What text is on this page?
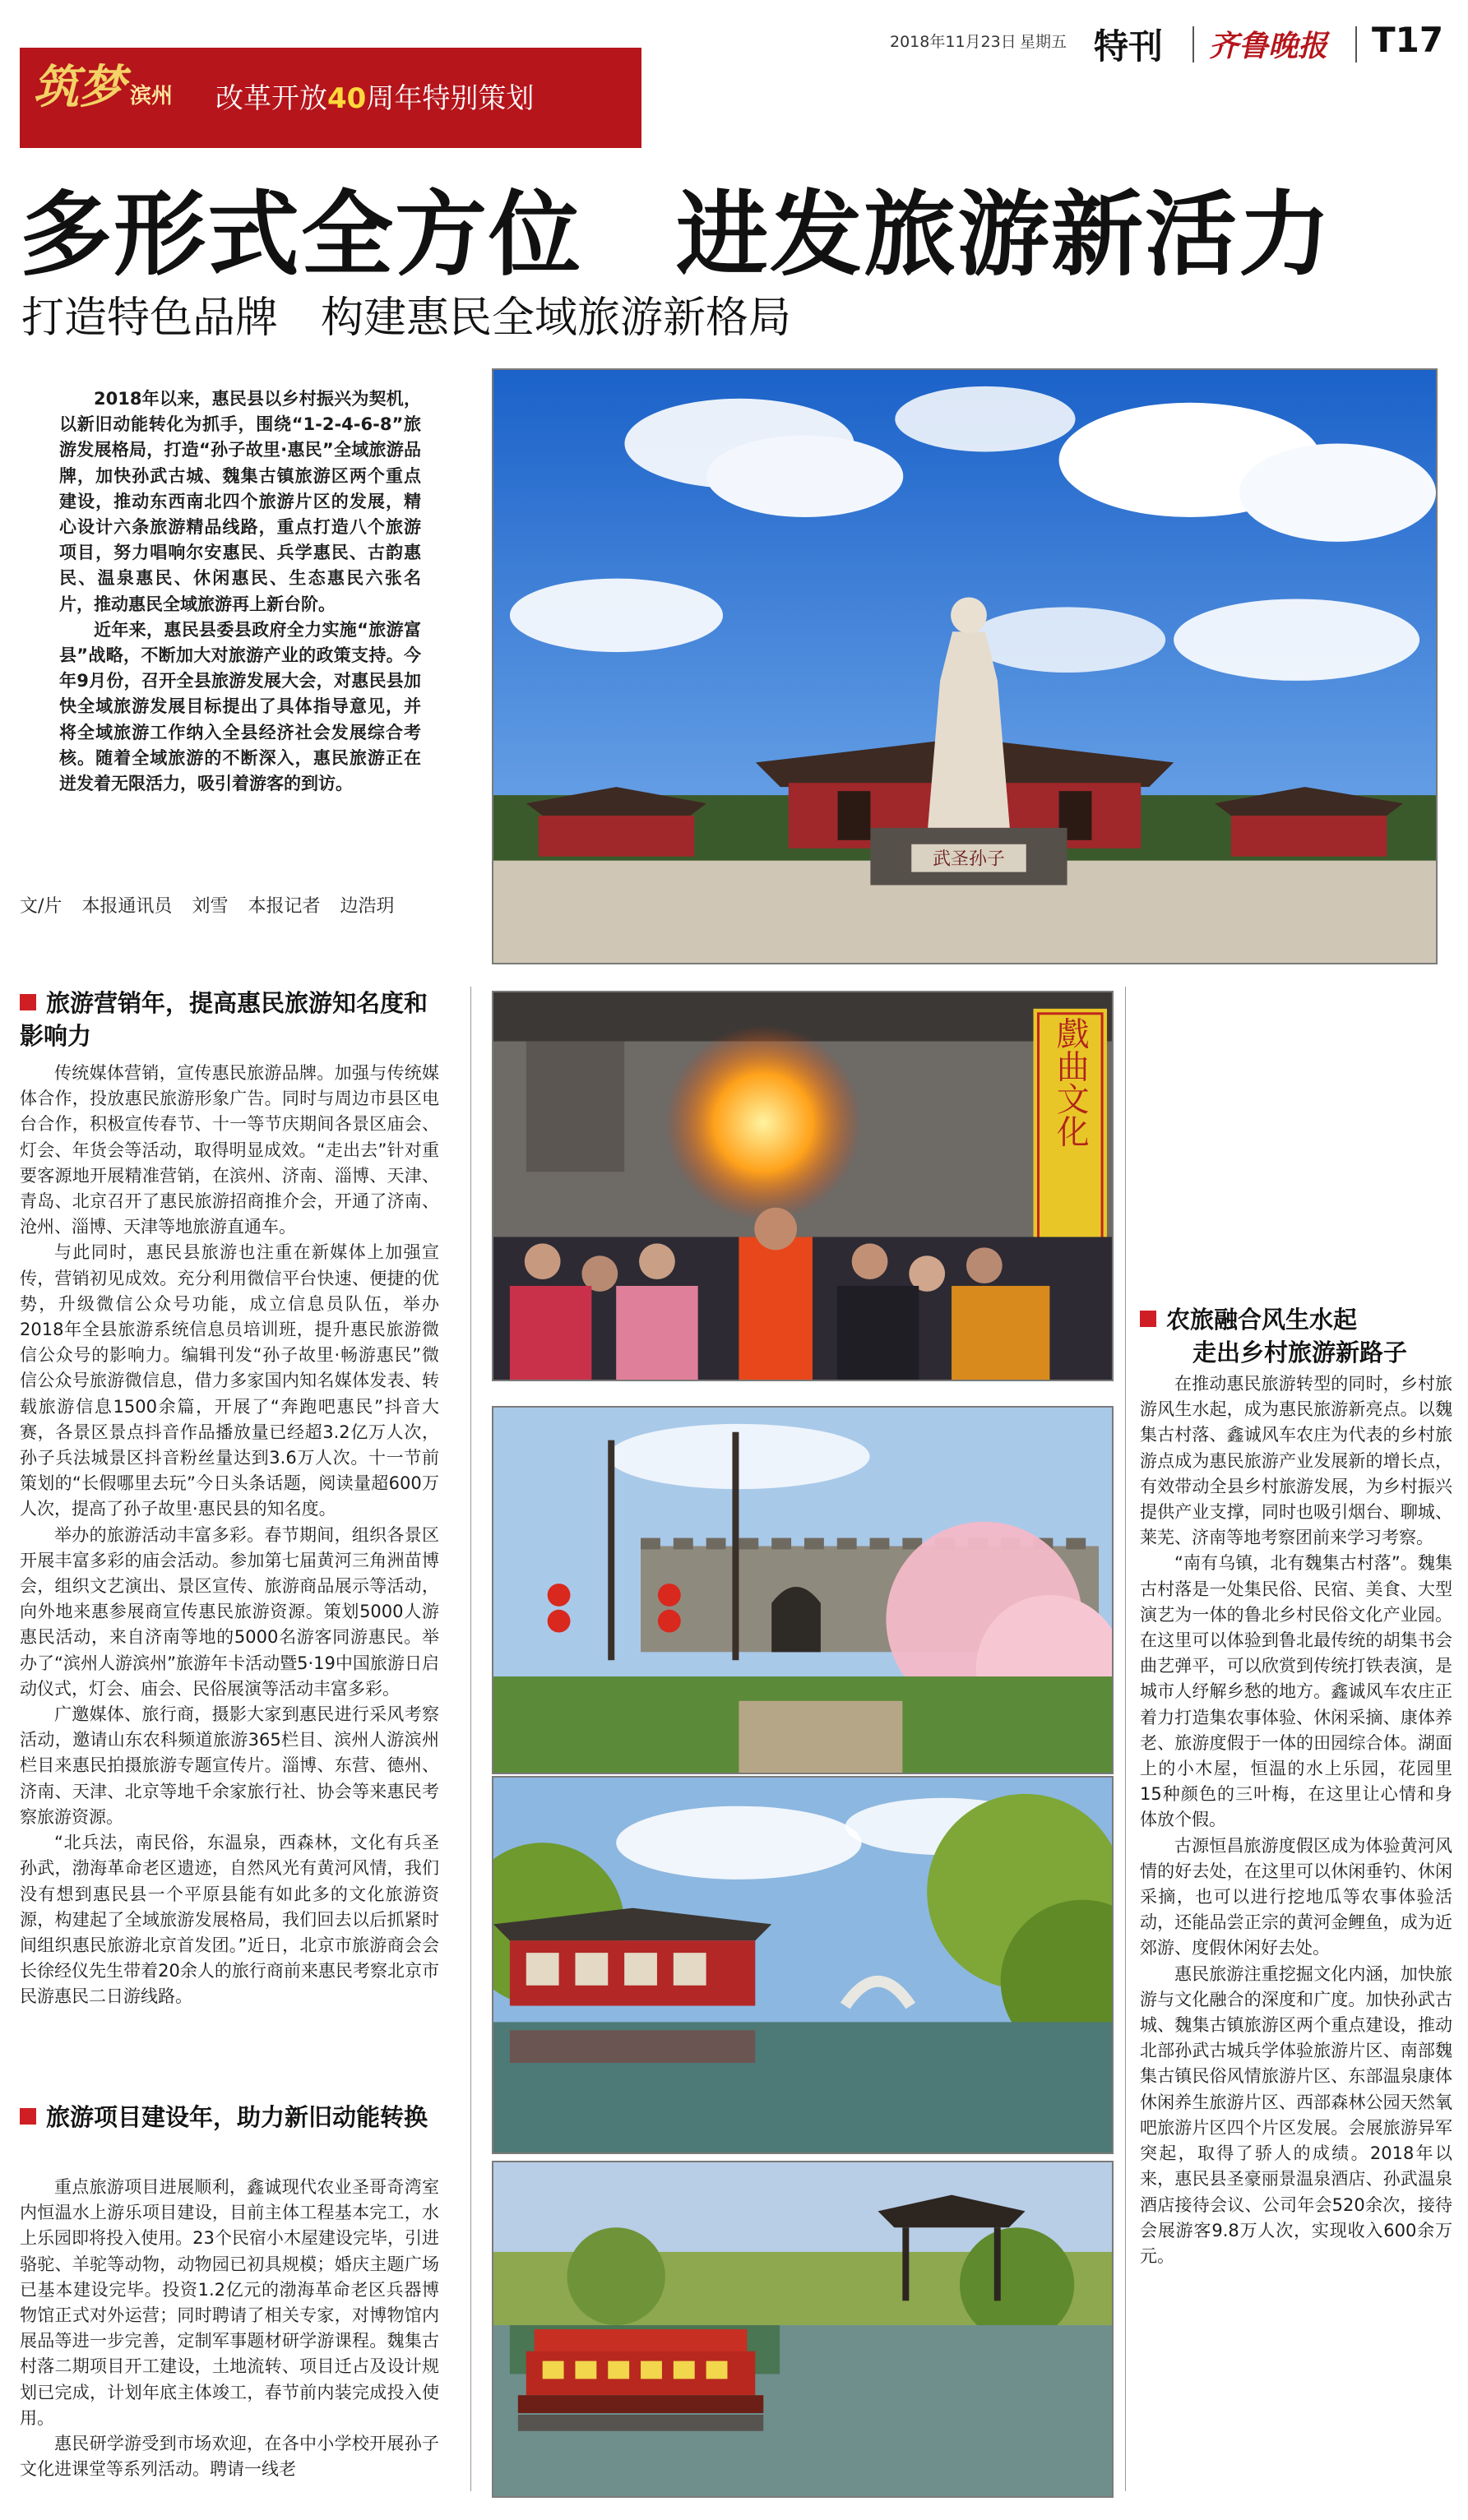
筑梦 滨州 改革开放40周年特别策划
2018年11月23日 星期五 特刊 齐鲁晚报 T17
多形式全方位　进发旅游新活力
打造特色品牌　构建惠民全域旅游新格局

2018年以来，惠民县以乡村振兴为契机，以新旧动能转化为抓手，围绕“1-2-4-6-8”旅游发展格局，打造“孙子故里·惠民”全域旅游品牌，加快孙武古城、魏集古镇旅游区两个重点建设，推动东西南北四个旅游片区的发展，精心设计六条旅游精品线路，重点打造八个旅游项目，努力唱响尔安惠民、兵学惠民、古韵惠民、温泉惠民、休闲惠民、生态惠民六张名片，推动惠民全域旅游再上新台阶。

近年来，惠民县委县政府全力实施“旅游富县”战略，不断加大对旅游产业的政策支持。今年9月份，召开全县旅游发展大会，对惠民县加快全域旅游发展目标提出了具体指导意见，并将全域旅游工作纳入全县经济社会发展综合考核。随着全域旅游的不断深入，惠民旅游正在迸发着无限活力，吸引着游客的到访。

文/片 本报通讯员 刘雪 本报记者 边浩玥
武圣孙子
旅游营销年，提高惠民旅游知名度和影响力

传统媒体营销，宣传惠民旅游品牌。加强与传统媒体合作，投放惠民旅游形象广告。同时与周边市县区电台合作，积极宣传春节、十一等节庆期间各景区庙会、灯会、年货会等活动，取得明显成效。“走出去”针对重要客源地开展精准营销，在滨州、济南、淄博、天津、青岛、北京召开了惠民旅游招商推介会，开通了济南、沧州、淄博、天津等地旅游直通车。

与此同时，惠民县旅游也注重在新媒体上加强宣传，营销初见成效。充分利用微信平台快速、便捷的优势，升级微信公众号功能，成立信息员队伍，举办2018年全县旅游系统信息员培训班，提升惠民旅游微信公众号的影响力。编辑刊发“孙子故里·畅游惠民”微信公众号旅游微信息，借力多家国内知名媒体发表、转载旅游信息1500余篇，开展了“奔跑吧惠民”抖音大赛，各景区景点抖音作品播放量已经超3.2亿万人次，孙子兵法城景区抖音粉丝量达到3.6万人次。十一节前策划的“长假哪里去玩”今日头条话题，阅读量超600万人次，提高了孙子故里·惠民县的知名度。

举办的旅游活动丰富多彩。春节期间，组织各景区开展丰富多彩的庙会活动。参加第七届黄河三角洲苗博会，组织文艺演出、景区宣传、旅游商品展示等活动，向外地来惠参展商宣传惠民旅游资源。策划5000人游惠民活动，来自济南等地的5000名游客同游惠民。举办了“滨州人游滨州”旅游年卡活动暨5·19中国旅游日启动仪式，灯会、庙会、民俗展演等活动丰富多彩。

广邀媒体、旅行商，摄影大家到惠民进行采风考察活动，邀请山东农科频道旅游365栏目、滨州人游滨州栏目来惠民拍摄旅游专题宣传片。淄博、东营、德州、济南、天津、北京等地千余家旅行社、协会等来惠民考察旅游资源。

“北兵法，南民俗，东温泉，西森林，文化有兵圣孙武，渤海革命老区遗迹，自然风光有黄河风情，我们没有想到惠民县一个平原县能有如此多的文化旅游资源，构建起了全域旅游发展格局，我们回去以后抓紧时间组织惠民旅游北京首发团。”近日，北京市旅游商会会长徐经仪先生带着20余人的旅行商前来惠民考察北京市民游惠民二日游线路。

旅游项目建设年，助力新旧动能转换

重点旅游项目进展顺利，鑫诚现代农业圣哥奇湾室内恒温水上游乐项目建设，目前主体工程基本完工，水上乐园即将投入使用。23个民宿小木屋建设完毕，引进骆驼、羊驼等动物，动物园已初具规模；婚庆主题广场已基本建设完毕。投资1.2亿元的渤海革命老区兵器博物馆正式对外运营；同时聘请了相关专家，对博物馆内展品等进一步完善，定制军事题材研学游课程。魏集古村落二期项目开工建设，土地流转、项目迁占及设计规划已完成，计划年底主体竣工，春节前内装完成投入使用。

惠民研学游受到市场欢迎，在各中小学校开展孙子文化进课堂等系列活动。聘请一线老

戲曲文化

农旅融合风生水起
走出乡村旅游新路子

在推动惠民旅游转型的同时，乡村旅游风生水起，成为惠民旅游新亮点。以魏集古村落、鑫诚风车农庄为代表的乡村旅游点成为惠民旅游产业发展新的增长点，有效带动全县乡村旅游发展，为乡村振兴提供产业支撑，同时也吸引烟台、聊城、莱芜、济南等地考察团前来学习考察。

“南有乌镇，北有魏集古村落”。魏集古村落是一处集民俗、民宿、美食、大型演艺为一体的鲁北乡村民俗文化产业园。在这里可以体验到鲁北最传统的胡集书会曲艺弹平，可以欣赏到传统打铁表演，是城市人纾解乡愁的地方。鑫诚风车农庄正着力打造集农事体验、休闲采摘、康体养老、旅游度假于一体的田园综合体。湖面上的小木屋，恒温的水上乐园，花园里15种颜色的三叶梅，在这里让心情和身体放个假。

古源恒昌旅游度假区成为体验黄河风情的好去处，在这里可以休闲垂钓、休闲采摘，也可以进行挖地瓜等农事体验活动，还能品尝正宗的黄河金鲤鱼，成为近郊游、度假休闲好去处。

惠民旅游注重挖掘文化内涵，加快旅游与文化融合的深度和广度。加快孙武古城、魏集古镇旅游区两个重点建设，推动北部孙武古城兵学体验旅游片区、南部魏集古镇民俗风情旅游片区、东部温泉康体休闲养生旅游片区、西部森林公园天然氧吧旅游片区四个片区发展。会展旅游异军突起，取得了骄人的成绩。2018年以来，惠民县圣豪丽景温泉酒店、孙武温泉酒店接待会议、公司年会520余次，接待会展游客9.8万人次，实现收入600余万元。
